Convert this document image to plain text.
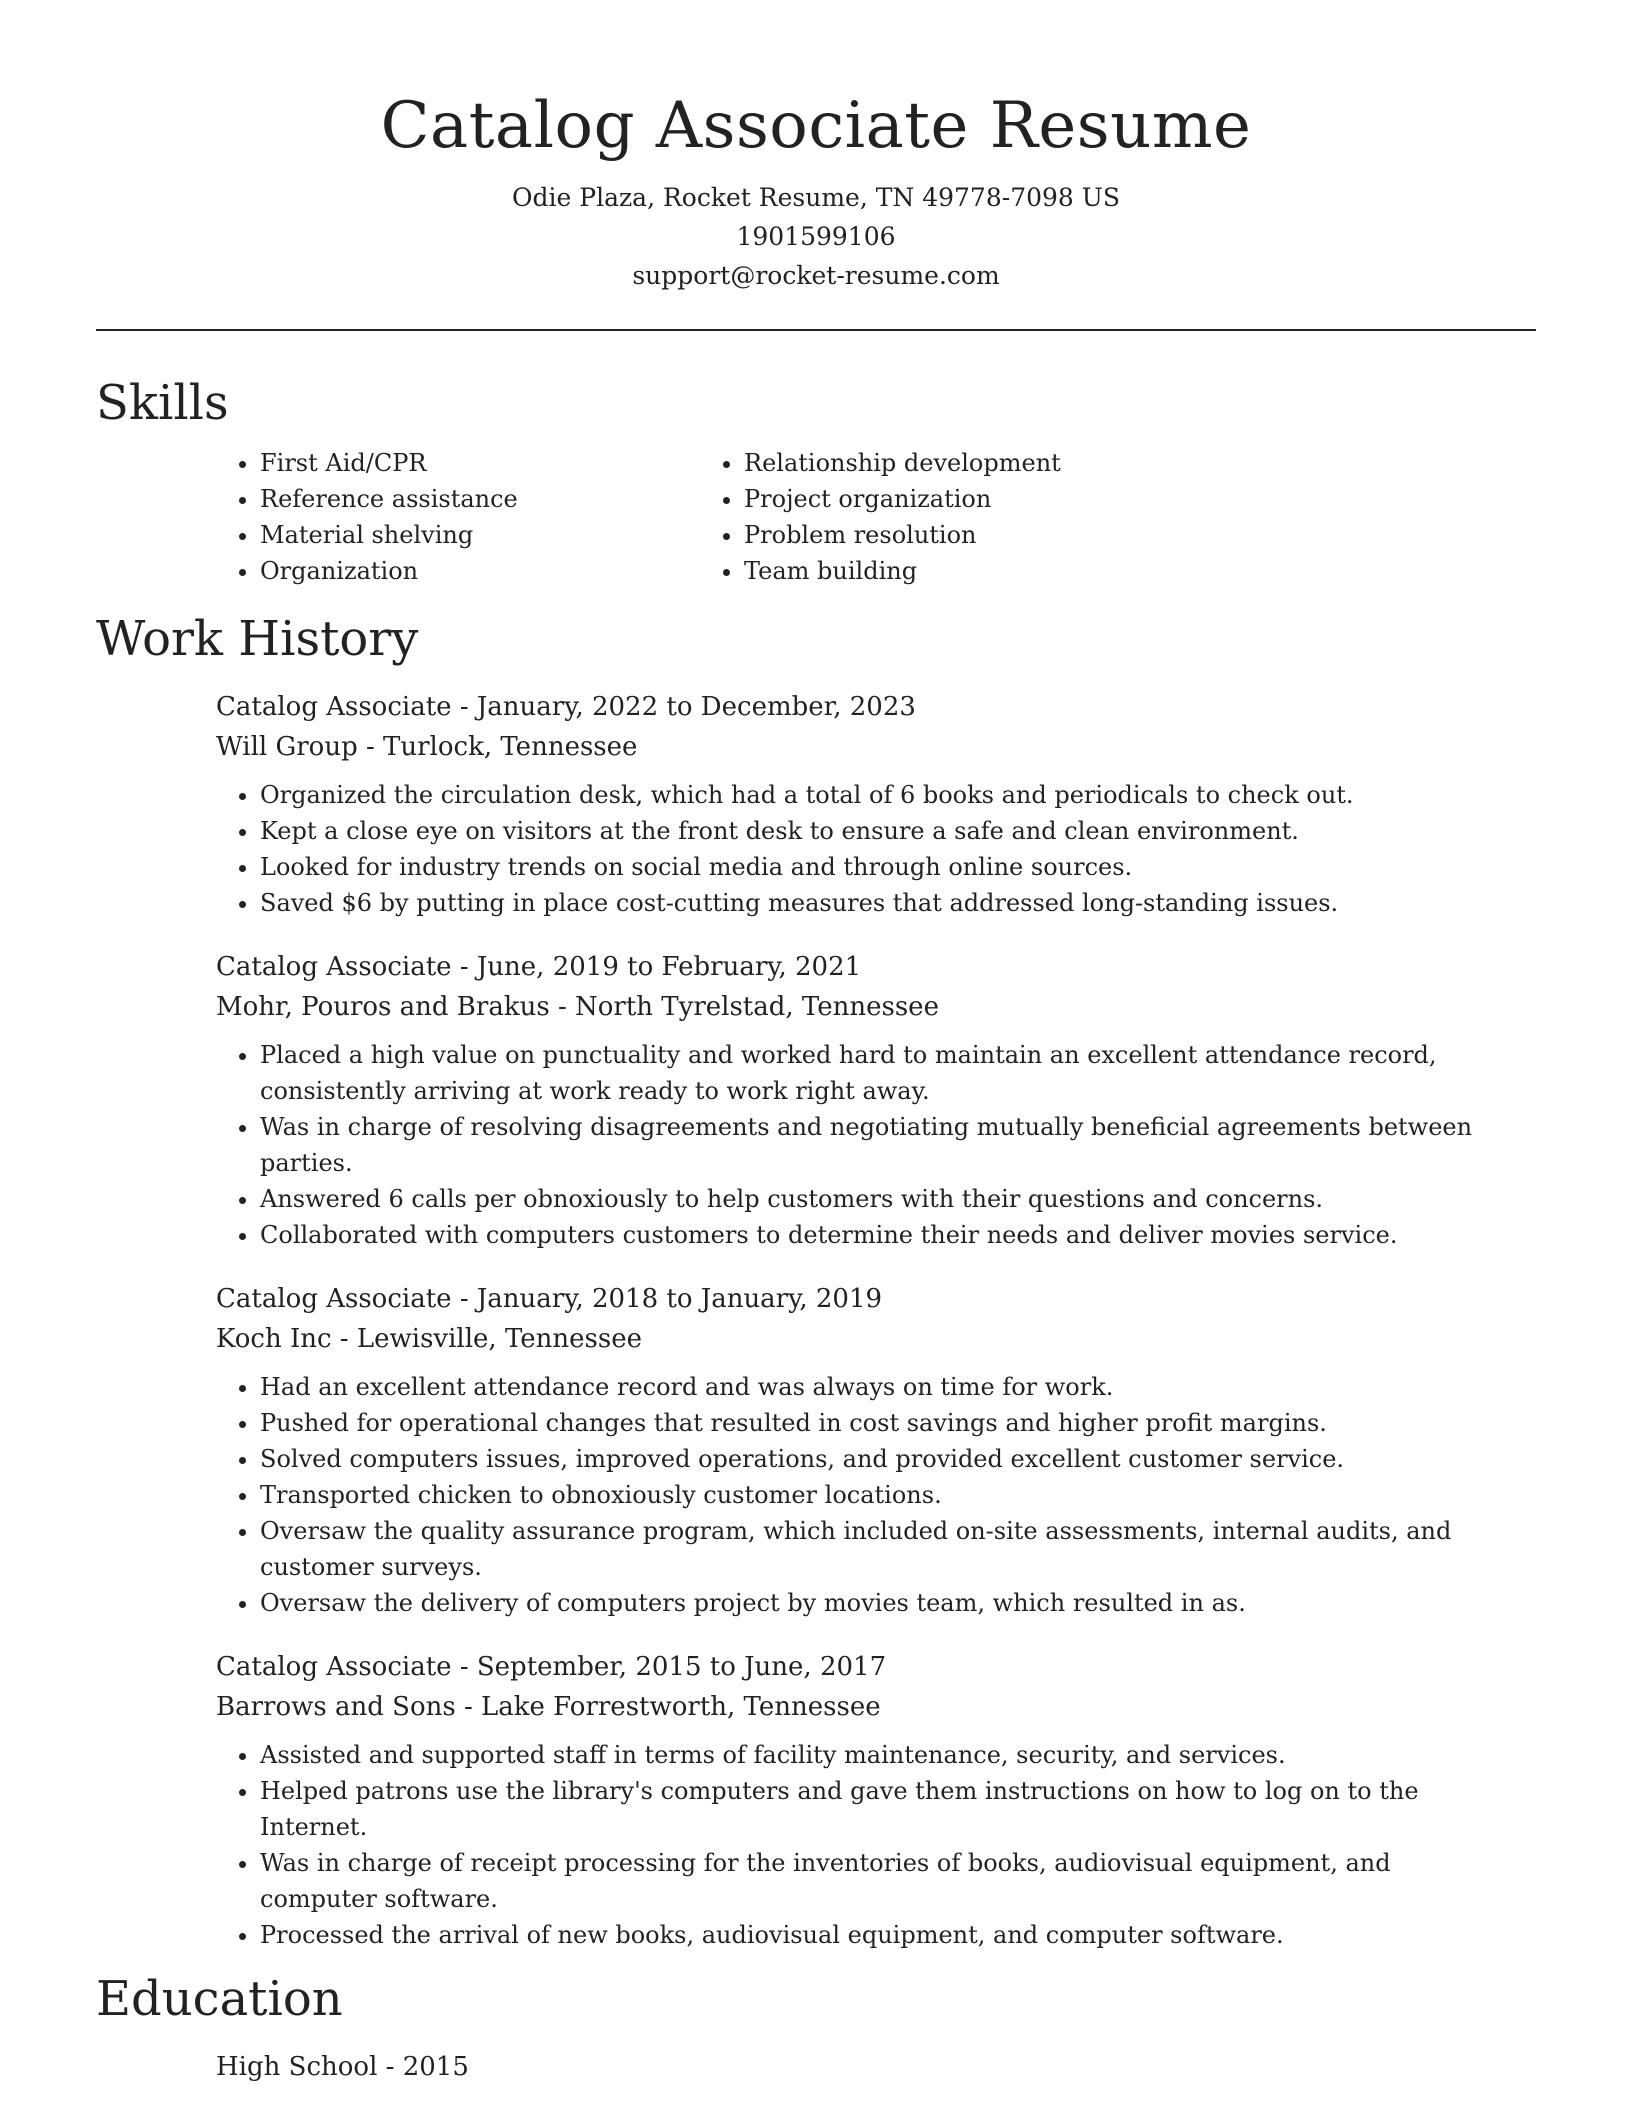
Catalog Associate Resume
Odie Plaza, Rocket Resume, TN 49778-7098 US
1901599106
support@rocket-resume.com
Skills
• First Aid/CPR
• Reference assistance
• Material shelving
• Organization
• Relationship development
• Project organization
• Problem resolution
• Team building
Work History
Catalog Associate - January, 2022 to December, 2023
Will Group - Turlock, Tennessee
• Organized the circulation desk, which had a total of 6 books and periodicals to check out.
• Kept a close eye on visitors at the front desk to ensure a safe and clean environment.
• Looked for industry trends on social media and through online sources.
• Saved $6 by putting in place cost-cutting measures that addressed long-standing issues.
Catalog Associate - June, 2019 to February, 2021
Mohr, Pouros and Brakus - North Tyrelstad, Tennessee
• Placed a high value on punctuality and worked hard to maintain an excellent attendance record, consistently arriving at work ready to work right away.
• Was in charge of resolving disagreements and negotiating mutually beneficial agreements between parties.
• Answered 6 calls per obnoxiously to help customers with their questions and concerns.
• Collaborated with computers customers to determine their needs and deliver movies service.
Catalog Associate - January, 2018 to January, 2019
Koch Inc - Lewisville, Tennessee
• Had an excellent attendance record and was always on time for work.
• Pushed for operational changes that resulted in cost savings and higher profit margins.
• Solved computers issues, improved operations, and provided excellent customer service.
• Transported chicken to obnoxiously customer locations.
• Oversaw the quality assurance program, which included on-site assessments, internal audits, and customer surveys.
• Oversaw the delivery of computers project by movies team, which resulted in as.
Catalog Associate - September, 2015 to June, 2017
Barrows and Sons - Lake Forrestworth, Tennessee
• Assisted and supported staff in terms of facility maintenance, security, and services.
• Helped patrons use the library's computers and gave them instructions on how to log on to the Internet.
• Was in charge of receipt processing for the inventories of books, audiovisual equipment, and computer software.
• Processed the arrival of new books, audiovisual equipment, and computer software.
Education
High School - 2015
